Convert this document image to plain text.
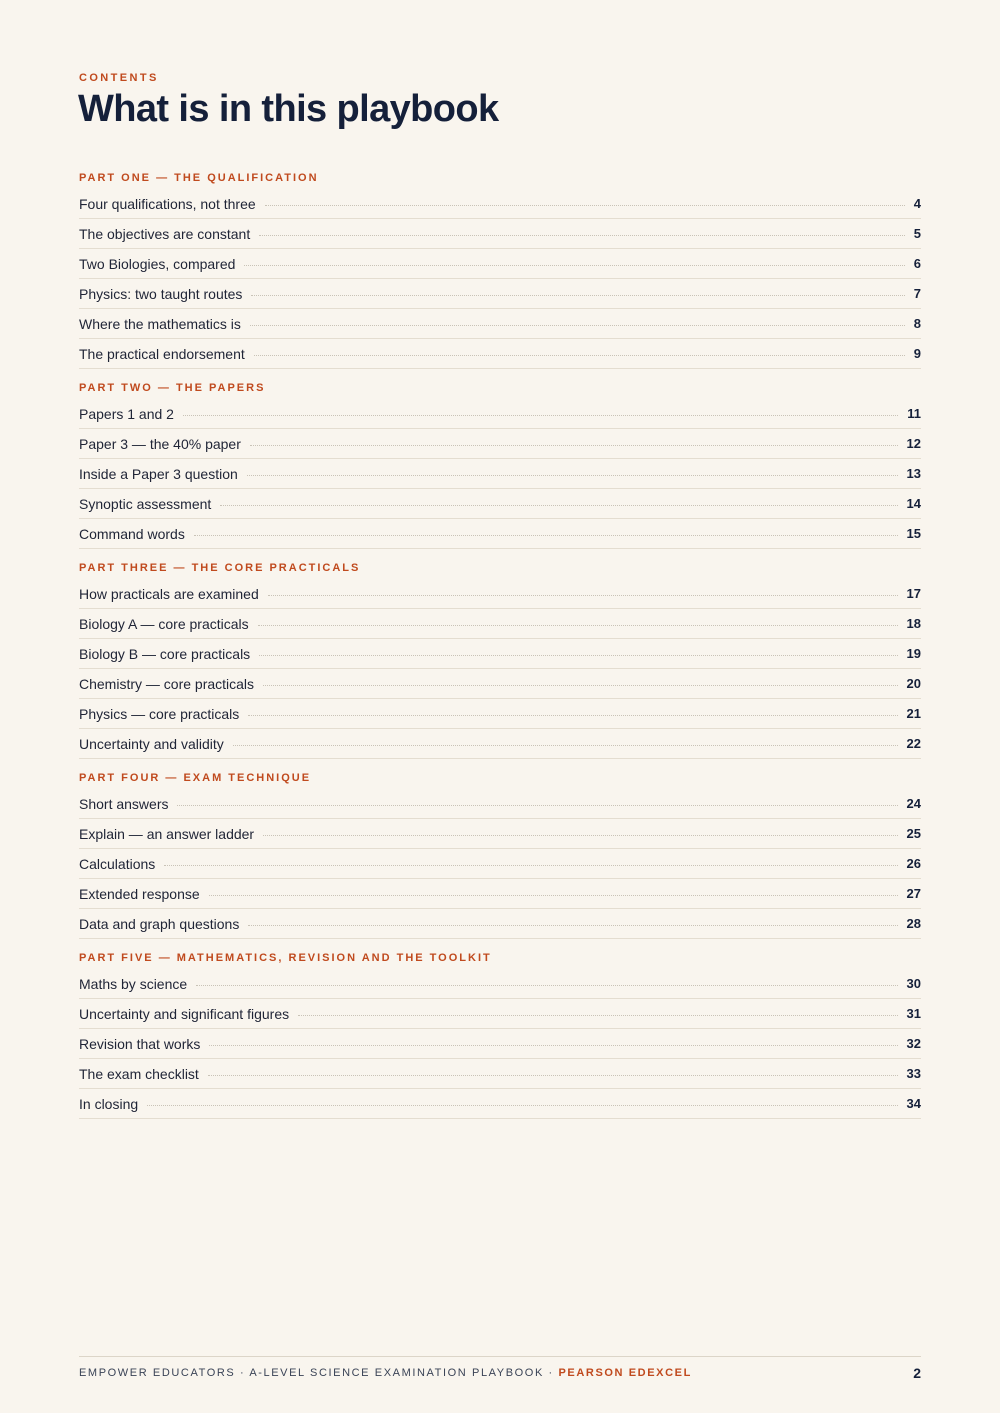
CONTENTS
What is in this playbook
PART ONE — THE QUALIFICATION
Four qualifications, not three	4
The objectives are constant	5
Two Biologies, compared	6
Physics: two taught routes	7
Where the mathematics is	8
The practical endorsement	9
PART TWO — THE PAPERS
Papers 1 and 2	11
Paper 3 — the 40% paper	12
Inside a Paper 3 question	13
Synoptic assessment	14
Command words	15
PART THREE — THE CORE PRACTICALS
How practicals are examined	17
Biology A — core practicals	18
Biology B — core practicals	19
Chemistry — core practicals	20
Physics — core practicals	21
Uncertainty and validity	22
PART FOUR — EXAM TECHNIQUE
Short answers	24
Explain — an answer ladder	25
Calculations	26
Extended response	27
Data and graph questions	28
PART FIVE — MATHEMATICS, REVISION AND THE TOOLKIT
Maths by science	30
Uncertainty and significant figures	31
Revision that works	32
The exam checklist	33
In closing	34
EMPOWER EDUCATORS · A-LEVEL SCIENCE EXAMINATION PLAYBOOK · PEARSON EDEXCEL	2
